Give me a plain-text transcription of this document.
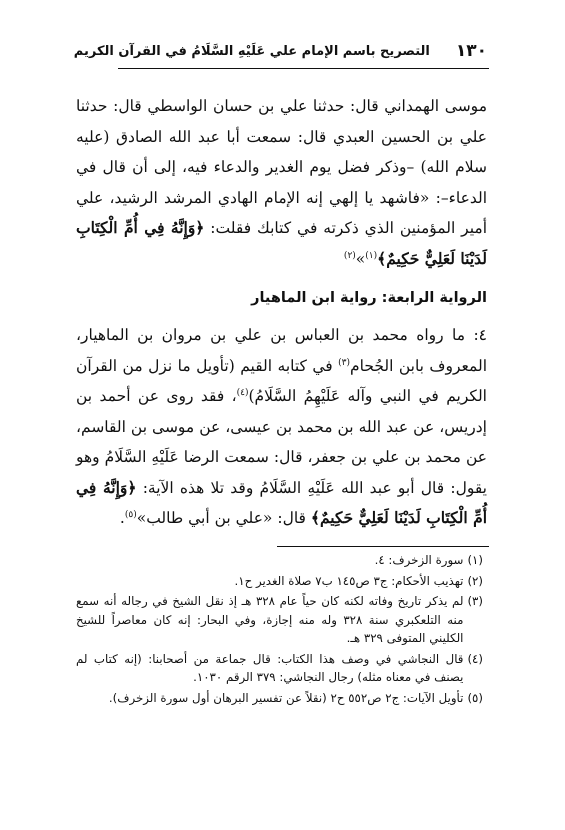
١٣٠
التصريح باسم الإمام علي عَلَيْهِ السَّلَامُ في القرآن الكريم

موسى الهمداني قال: حدثنا علي بن حسان الواسطي قال: حدثنا علي بن الحسين العبدي قال: سمعت أبا عبد الله الصادق (عليه سلام الله) –وذكر فضل يوم الغدير والدعاء فيه، إلى أن قال في الدعاء–: «فاشهد يا إلهي إنه الإمام الهادي المرشد الرشيد، علي أمير المؤمنين الذي ذكرته في كتابك فقلت: ﴿وَإِنَّهُ فِي أُمِّ الْكِتَابِ لَدَيْنَا لَعَلِيٌّ حَكِيمٌ﴾$^{(١)}$»$^{(٢)}$

الرواية الرابعة: رواية ابن الماهيار

٤: ما رواه محمد بن العباس بن علي بن مروان بن الماهيار، المعروف بابن الجُحام$^{(٣)}$ في كتابه القيم (تأويل ما نزل من القرآن الكريم في النبي وآله عَلَيْهِمُ السَّلَامُ)$^{(٤)}$، فقد روى عن أحمد بن إدريس، عن عبد الله بن محمد بن عيسى، عن موسى بن القاسم، عن محمد بن علي بن جعفر، قال: سمعت الرضا عَلَيْهِ السَّلَامُ وهو يقول: قال أبو عبد الله عَلَيْهِ السَّلَامُ وقد تلا هذه الآية: ﴿وَإِنَّهُ فِي أُمِّ الْكِتَابِ لَدَيْنَا لَعَلِيٌّ حَكِيمٌ﴾ قال: «علي بن أبي طالب»$^{(٥)}$.

(١)
سورة الزخرف: ٤.
(٢)
تهذيب الأحكام: ج٣ ص١٤٥ ب٧ صلاة الغدير ح١.
(٣)
لم يذكر تاريخ وفاته لكنه كان حياً عام ٣٢٨ هـ إذ نقل الشيخ في رجاله أنه سمع منه التلعكبري سنة ٣٢٨ وله منه إجازة، وفي البحار: إنه كان معاصراً للشيخ الكليني المتوفى ٣٢٩ هـ.
(٤)
قال النجاشي في وصف هذا الكتاب: قال جماعة من أصحابنا: (إنه كتاب لم يصنف في معناه مثله) رجال النجاشي: ٣٧٩ الرقم ١٠٣٠.
(٥)
تأويل الآيات: ج٢ ص٥٥٢ ح٢ (نقلاً عن تفسير البرهان أول سورة الزخرف).
